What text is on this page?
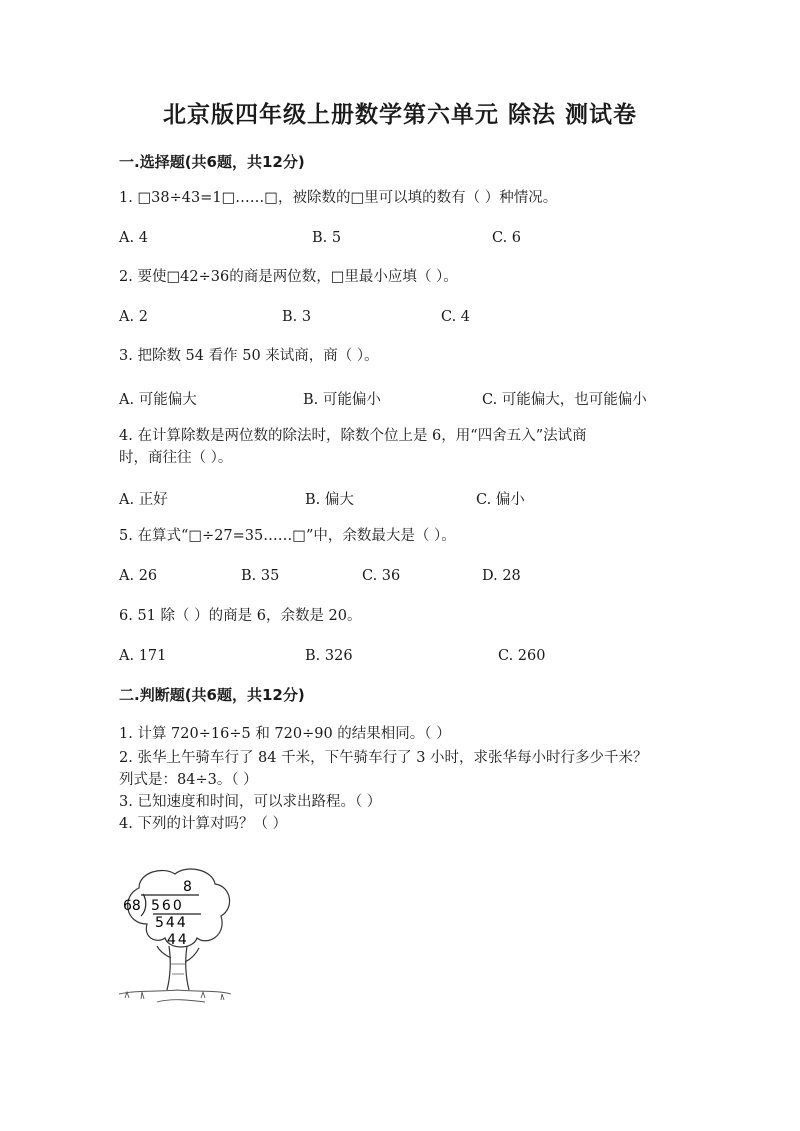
北京版四年级上册数学第六单元 除法 测试卷
一.选择题(共6题，共12分)
1. □38÷43=1□……□，被除数的□里可以填的数有（ ）种情况。
A. 4	B. 5	C. 6
2. 要使□42÷36的商是两位数，□里最小应填（ ）。
A. 2	B. 3	C. 4
3. 把除数 54 看作 50 来试商，商（ ）。
A. 可能偏大	B. 可能偏小	C. 可能偏大，也可能偏小
4. 在计算除数是两位数的除法时，除数个位上是 6，用“四舍五入”法试商
时，商往往（ ）。
A. 正好	B. 偏大	C. 偏小
5. 在算式“□÷27=35……□”中，余数最大是（ ）。
A. 26	B. 35	C. 36	D. 28
6. 51 除（ ）的商是 6，余数是 20。
A. 171	B. 326	C. 260
二.判断题(共6题，共12分)
1. 计算 720÷16÷5 和 720÷90 的结果相同。（ ）
2. 张华上午骑车行了 84 千米，下午骑车行了 3 小时，求张华每小时行多少千米？
列式是：84÷3。（ ）
3. 已知速度和时间，可以求出路程。（ ）
4. 下列的计算对吗？（ ）
8
68 560
544
44
